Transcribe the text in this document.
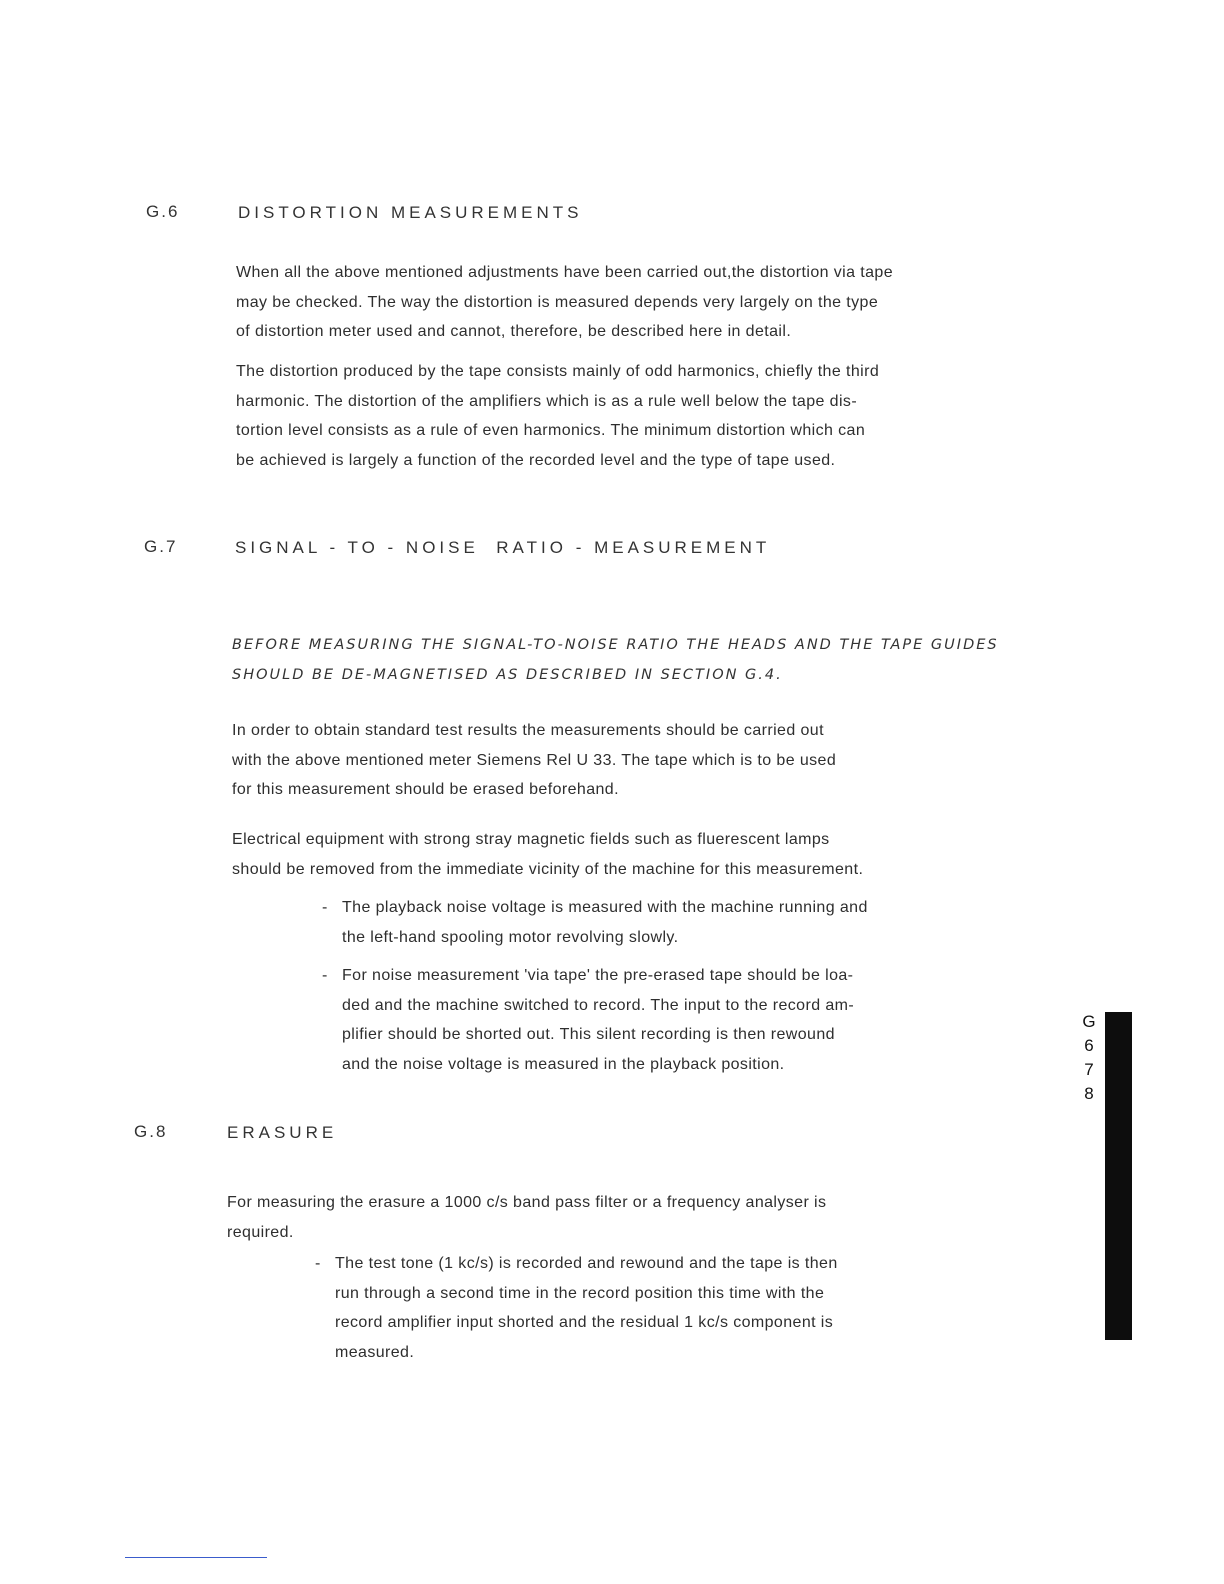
G.6	DISTORTION MEASUREMENTS
When all the above mentioned adjustments have been carried out,the distortion via tape
may be checked. The way the distortion is measured depends very largely on the type
of distortion meter used and cannot, therefore, be described here in detail.
The distortion produced by the tape consists mainly of odd harmonics, chiefly the third
harmonic. The distortion of the amplifiers which is as a rule well below the tape dis-
tortion level consists as a rule of even harmonics. The minimum distortion which can
be achieved is largely a function of the recorded level and the type of tape used.
G.7	SIGNAL - TO - NOISE  RATIO - MEASUREMENT
BEFORE MEASURING THE SIGNAL-TO-NOISE RATIO THE HEADS AND THE TAPE GUIDES
SHOULD BE DE-MAGNETISED AS DESCRIBED IN SECTION G.4.
In order to obtain standard test results the measurements should be carried out
with the above mentioned meter Siemens Rel U 33. The tape which is to be used
for this measurement should be erased beforehand.
Electrical equipment with strong stray magnetic fields such as fluerescent lamps
should be removed from the immediate vicinity of the machine for this measurement.
- The playback noise voltage is measured with the machine running and
the left-hand spooling motor revolving slowly.
- For noise measurement 'via tape' the pre-erased tape should be loa-
ded and the machine switched to record. The input to the record am-
plifier should be shorted out. This silent recording is then rewound
and the noise voltage is measured in the playback position.
G.8	ERASURE
For measuring the erasure a 1000 c/s band pass filter or a frequency analyser is
required.
- The test tone (1 kc/s) is recorded and rewound and the tape is then
run through a second time in the record position this time with the
record amplifier input shorted and the residual 1 kc/s component is
measured.
G
6
7
8
